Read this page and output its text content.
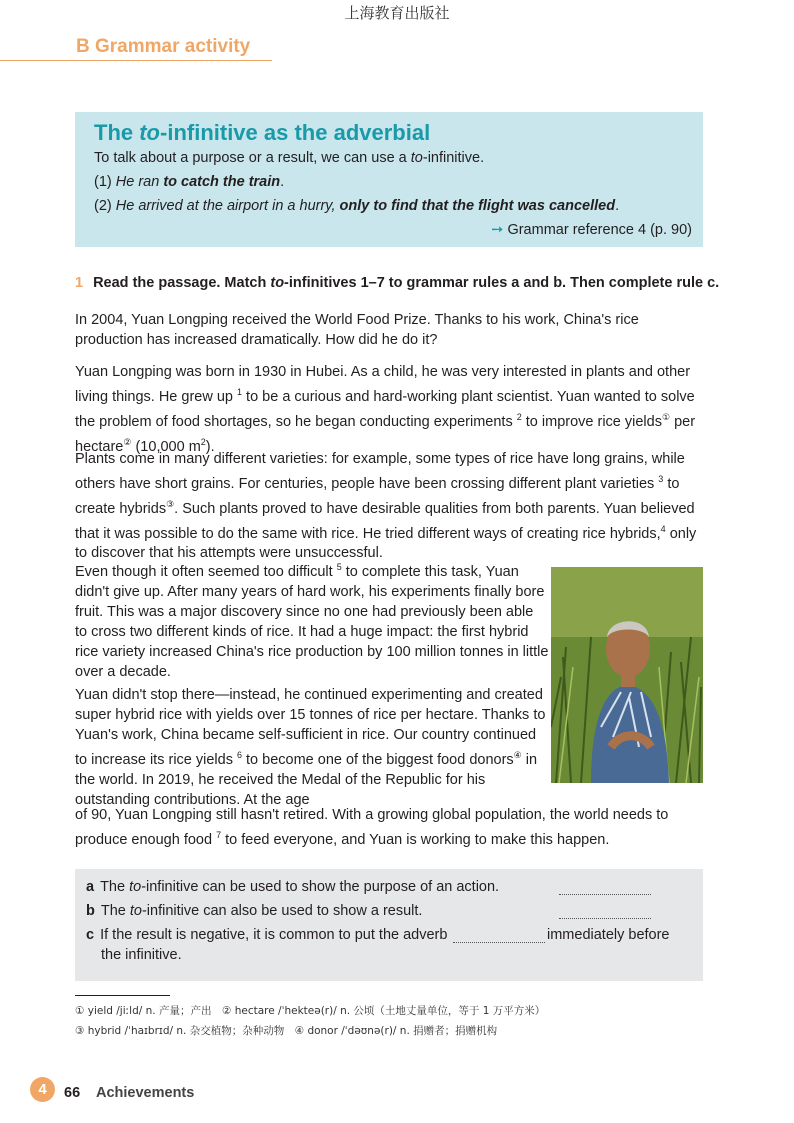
上海教育出版社
B Grammar activity
The to-infinitive as the adverbial
To talk about a purpose or a result, we can use a to-infinitive.
(1) He ran to catch the train.
(2) He arrived at the airport in a hurry, only to find that the flight was cancelled.
➙ Grammar reference 4 (p. 90)
1 Read the passage. Match to-infinitives 1–7 to grammar rules a and b. Then complete rule c.
In 2004, Yuan Longping received the World Food Prize. Thanks to his work, China's rice production has increased dramatically. How did he do it?
Yuan Longping was born in 1930 in Hubei. As a child, he was very interested in plants and other living things. He grew up $^1$ to be a curious and hard-working plant scientist. Yuan wanted to solve the problem of food shortages, so he began conducting experiments $^2$ to improve rice yields① per hectare② (10,000 $m^2$).
Plants come in many different varieties: for example, some types of rice have long grains, while others have short grains. For centuries, people have been crossing different plant varieties $^3$ to create hybrids③. Such plants proved to have desirable qualities from both parents. Yuan believed that it was possible to do the same with rice. He tried different ways of creating rice hybrids,$^4$ only to discover that his attempts were unsuccessful.
Even though it often seemed too difficult $^5$ to complete this task, Yuan didn't give up. After many years of hard work, his experiments finally bore fruit. This was a major discovery since no one had previously been able to cross two different kinds of rice. It had a huge impact: the first hybrid rice variety increased China's rice production by 100 million tonnes in little over a decade.
Yuan didn't stop there—instead, he continued experimenting and created super hybrid rice with yields over 15 tonnes of rice per hectare. Thanks to Yuan's work, China became self-sufficient in rice. Our country continued to increase its rice yields $^6$ to become one of the biggest food donors④ in the world. In 2019, he received the Medal of the Republic for his outstanding contributions. At the age
of 90, Yuan Longping still hasn't retired. With a growing global population, the world needs to produce enough food $^7$ to feed everyone, and Yuan is working to make this happen.
a The to-infinitive can be used to show the purpose of an action.
b The to-infinitive can also be used to show a result.
c If the result is negative, it is common to put the adverb	immediately before
the infinitive.
① yield /jiːld/ n. 产量；产出　② hectare /ˈhekteə(r)/ n. 公顷（土地丈量单位，等于 1 万平方米）
③ hybrid /ˈhaɪbrɪd/ n. 杂交植物；杂种动物　④ donor /ˈdəʊnə(r)/ n. 捐赠者；捐赠机构
4	66 Achievements
